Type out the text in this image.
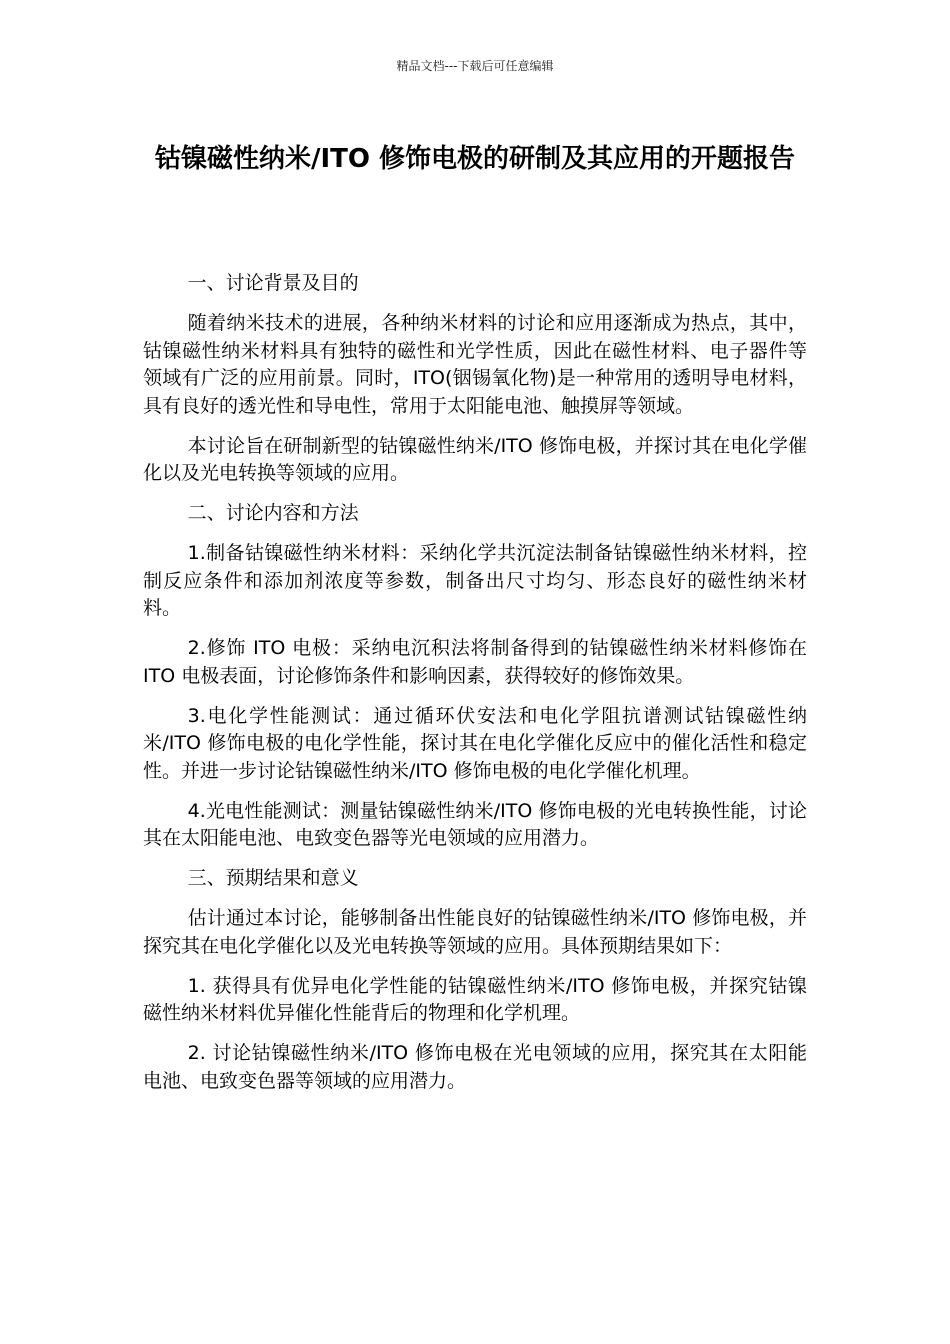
精品文档---下载后可任意编辑
钴镍磁性纳米/ITO 修饰电极的研制及其应用的开题报告

一、讨论背景及目的

随着纳米技术的进展，各种纳米材料的讨论和应用逐渐成为热点，其中，钴镍磁性纳米材料具有独特的磁性和光学性质，因此在磁性材料、电子器件等领域有广泛的应用前景。同时，ITO(铟锡氧化物)是一种常用的透明导电材料，具有良好的透光性和导电性，常用于太阳能电池、触摸屏等领域。

本讨论旨在研制新型的钴镍磁性纳米/ITO 修饰电极，并探讨其在电化学催化以及光电转换等领域的应用。

二、讨论内容和方法

1.制备钴镍磁性纳米材料：采纳化学共沉淀法制备钴镍磁性纳米材料，控制反应条件和添加剂浓度等参数，制备出尺寸均匀、形态良好的磁性纳米材料。

2.修饰 ITO 电极：采纳电沉积法将制备得到的钴镍磁性纳米材料修饰在 ITO 电极表面，讨论修饰条件和影响因素，获得较好的修饰效果。

3.电化学性能测试：通过循环伏安法和电化学阻抗谱测试钴镍磁性纳米/ITO 修饰电极的电化学性能，探讨其在电化学催化反应中的催化活性和稳定性。并进一步讨论钴镍磁性纳米/ITO 修饰电极的电化学催化机理。

4.光电性能测试：测量钴镍磁性纳米/ITO 修饰电极的光电转换性能，讨论其在太阳能电池、电致变色器等光电领域的应用潜力。

三、预期结果和意义

估计通过本讨论，能够制备出性能良好的钴镍磁性纳米/ITO 修饰电极，并探究其在电化学催化以及光电转换等领域的应用。具体预期结果如下：

1. 获得具有优异电化学性能的钴镍磁性纳米/ITO 修饰电极，并探究钴镍磁性纳米材料优异催化性能背后的物理和化学机理。

2. 讨论钴镍磁性纳米/ITO 修饰电极在光电领域的应用，探究其在太阳能电池、电致变色器等领域的应用潜力。
